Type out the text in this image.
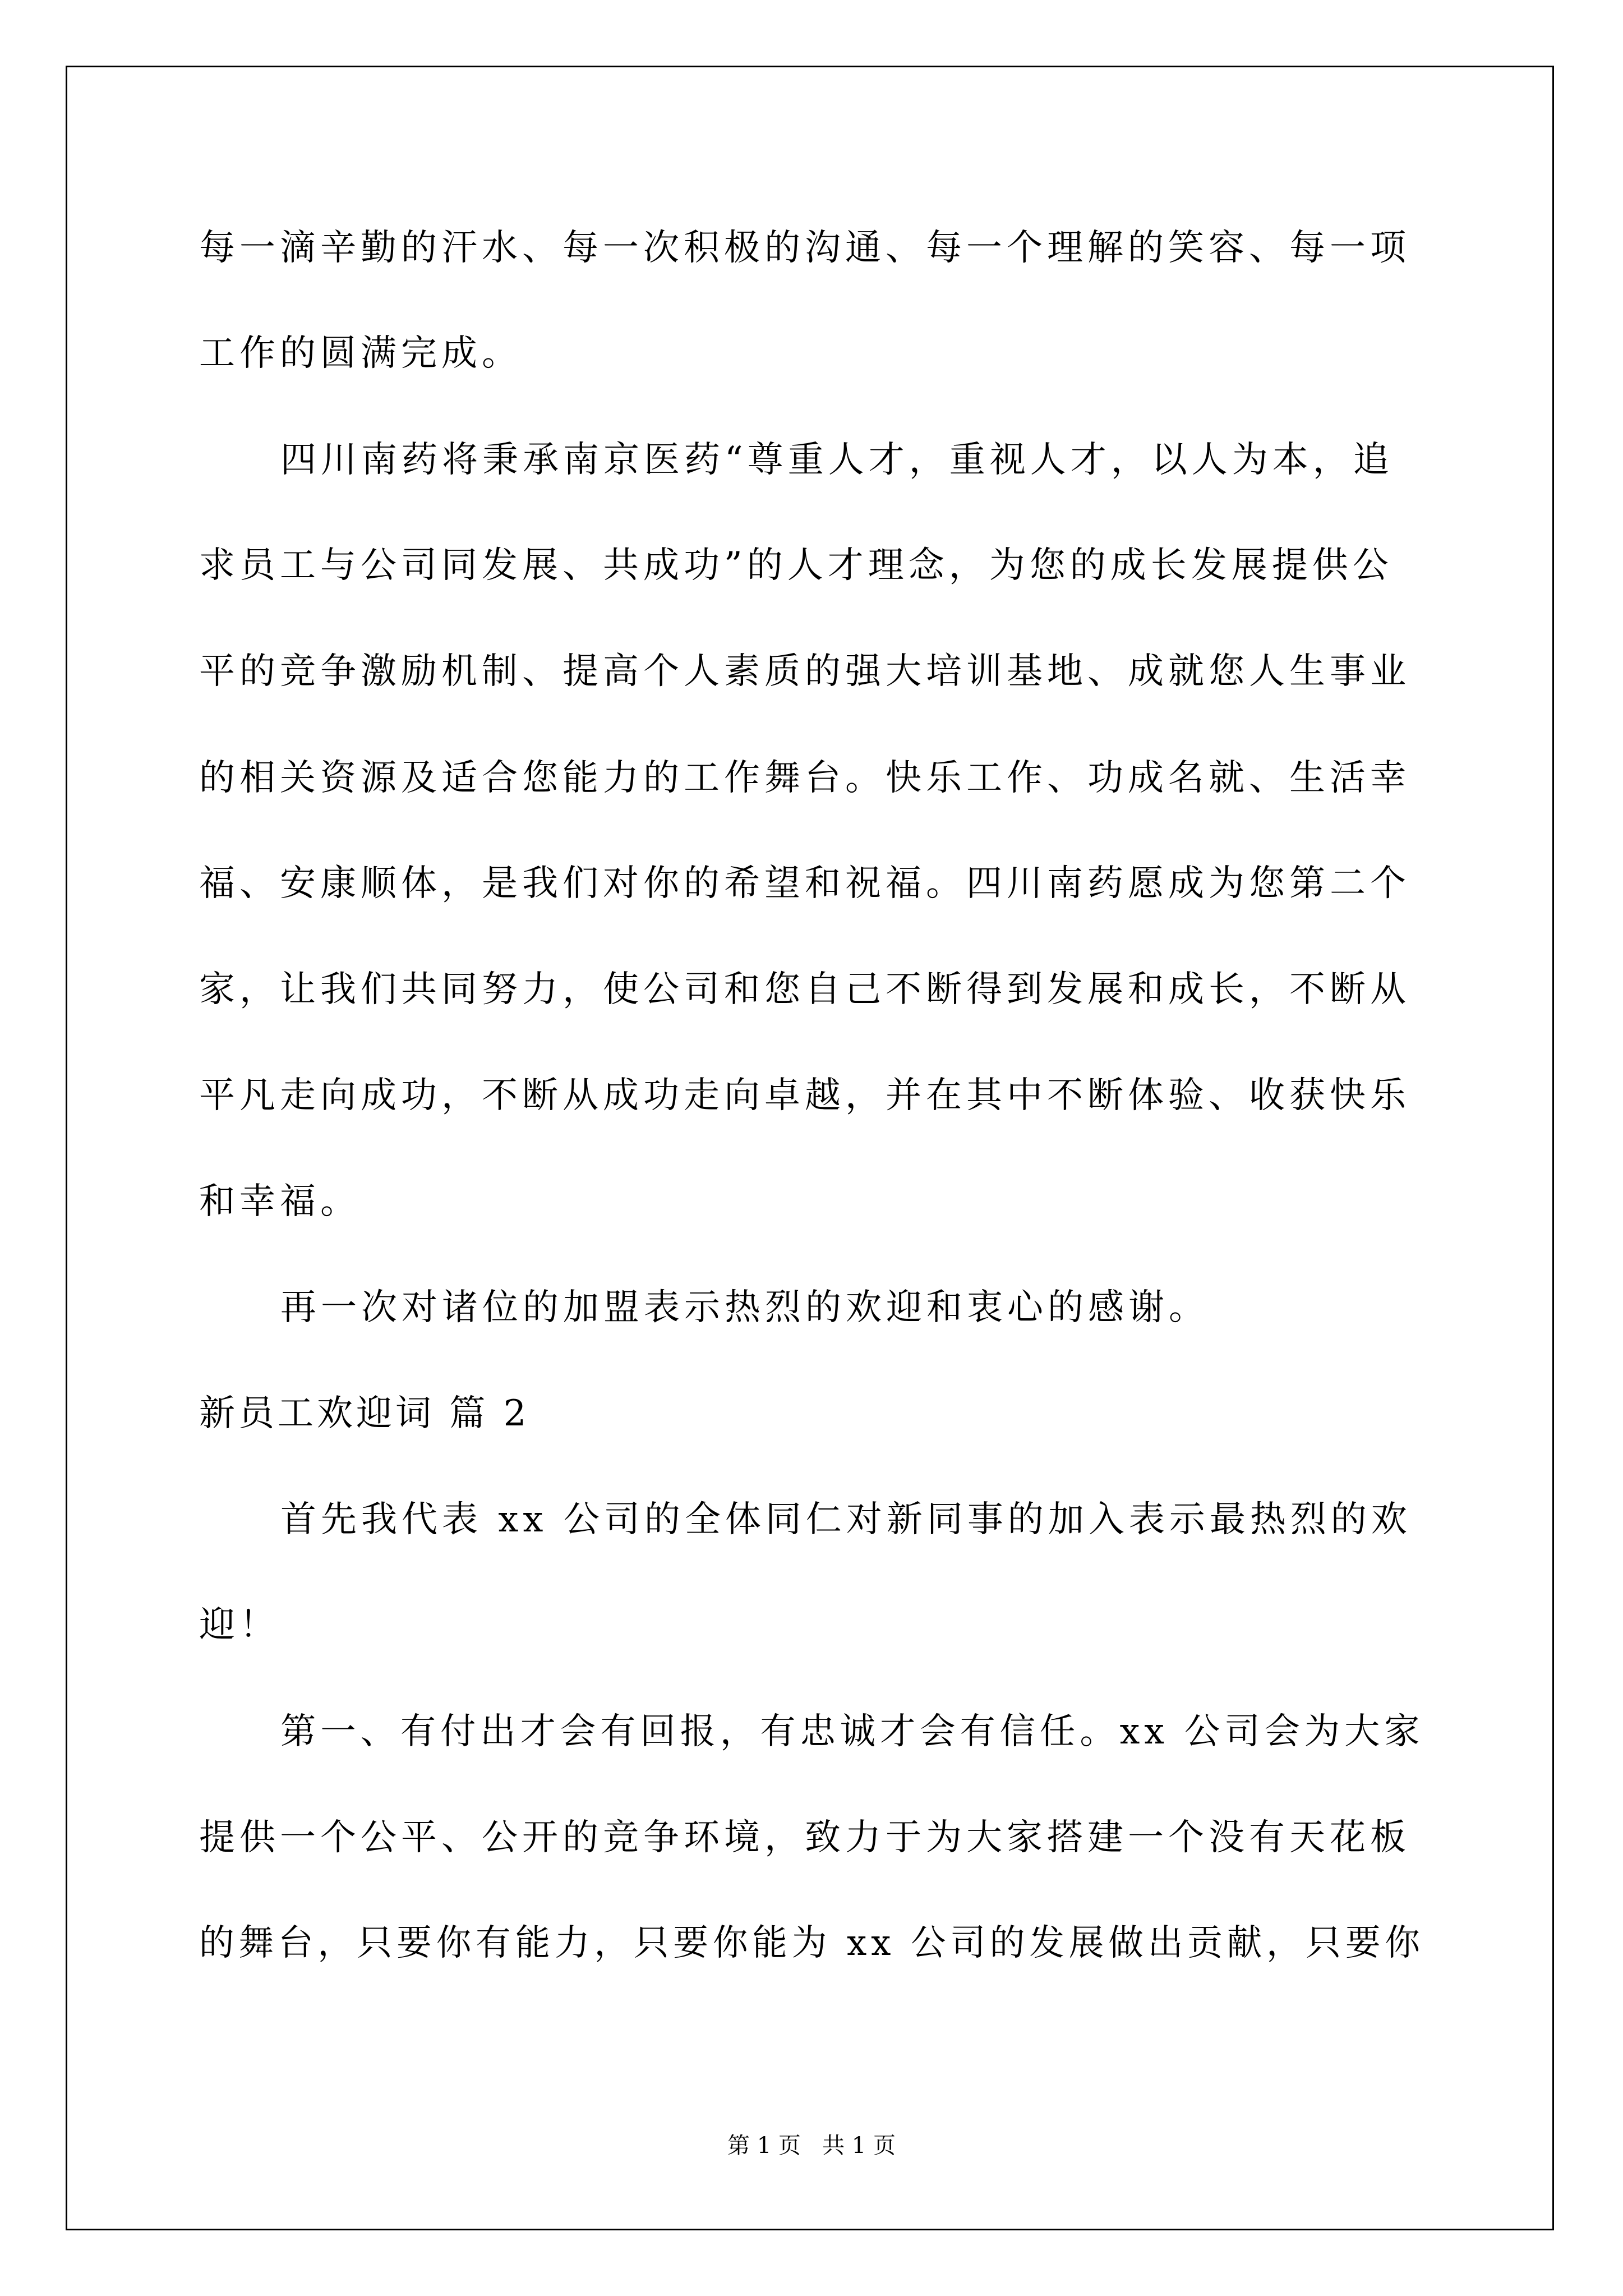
每一滴辛勤的汗水、每一次积极的沟通、每一个理解的笑容、每一项
工作的圆满完成。
四川南药将秉承南京医药“尊重人才，重视人才，以人为本，追
求员工与公司同发展、共成功”的人才理念，为您的成长发展提供公
平的竞争激励机制、提高个人素质的强大培训基地、成就您人生事业
的相关资源及适合您能力的工作舞台。快乐工作、功成名就、生活幸
福、安康顺体，是我们对你的希望和祝福。四川南药愿成为您第二个
家，让我们共同努力，使公司和您自己不断得到发展和成长，不断从
平凡走向成功，不断从成功走向卓越，并在其中不断体验、收获快乐
和幸福。
再一次对诸位的加盟表示热烈的欢迎和衷心的感谢。
新员工欢迎词 篇 2
首先我代表 xx 公司的全体同仁对新同事的加入表示最热烈的欢
迎！
第一、有付出才会有回报，有忠诚才会有信任。xx 公司会为大家
提供一个公平、公开的竞争环境，致力于为大家搭建一个没有天花板
的舞台，只要你有能力，只要你能为 xx 公司的发展做出贡献，只要你
第 1 页   共 1 页
